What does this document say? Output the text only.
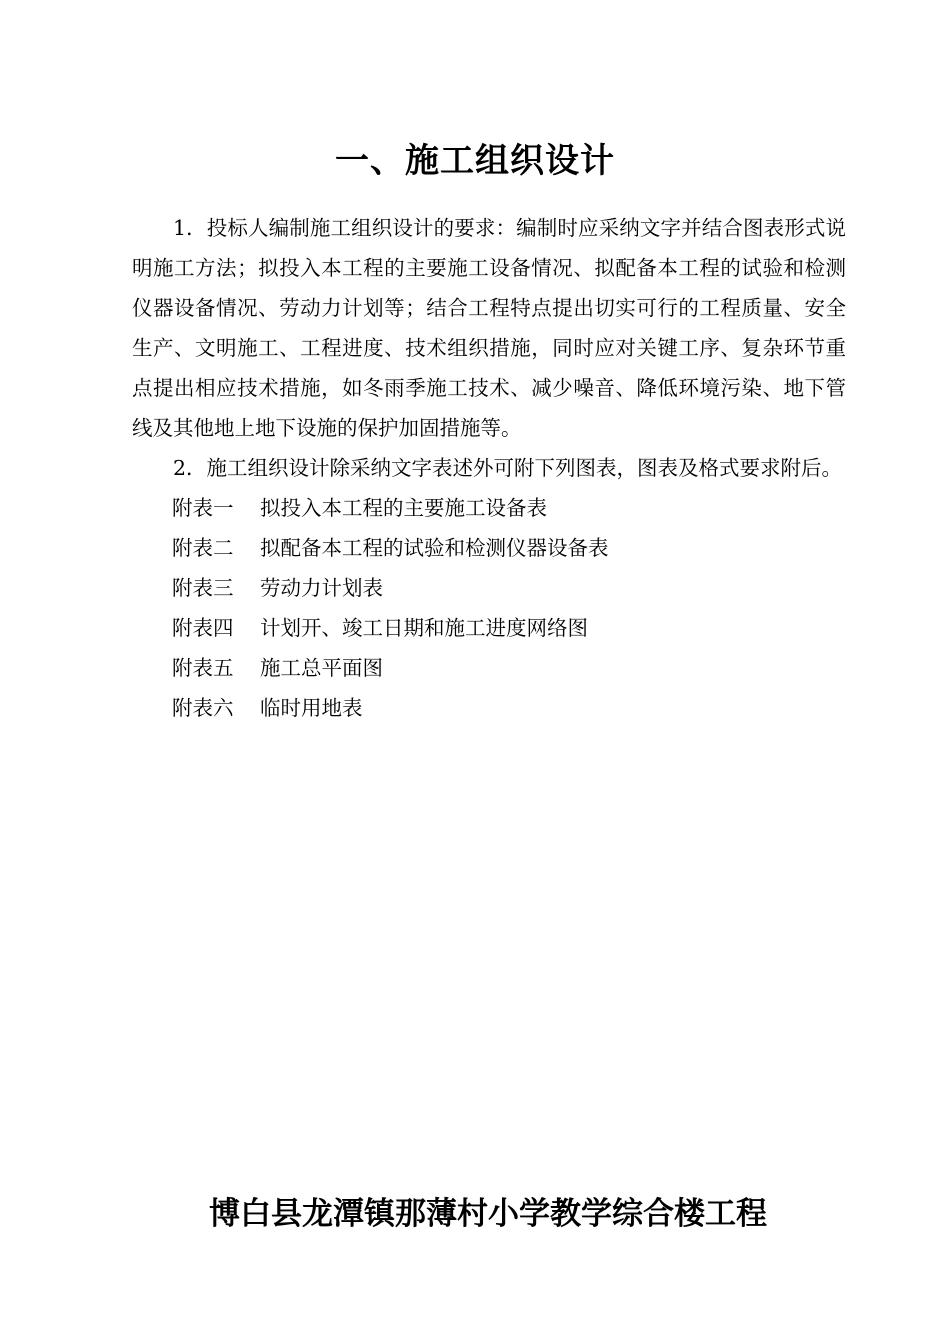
一、施工组织设计

1．投标人编制施工组织设计的要求：编制时应采纳文字并结合图表形式说明施工方法；拟投入本工程的主要施工设备情况、拟配备本工程的试验和检测仪器设备情况、劳动力计划等；结合工程特点提出切实可行的工程质量、安全生产、文明施工、工程进度、技术组织措施，同时应对关键工序、复杂环节重点提出相应技术措施，如冬雨季施工技术、减少噪音、降低环境污染、地下管线及其他地上地下设施的保护加固措施等。

2．施工组织设计除采纳文字表述外可附下列图表，图表及格式要求附后。

附表一 拟投入本工程的主要施工设备表
附表二 拟配备本工程的试验和检测仪器设备表
附表三 劳动力计划表
附表四 计划开、竣工日期和施工进度网络图
附表五 施工总平面图
附表六 临时用地表
博白县龙潭镇那薄村小学教学综合楼工程
